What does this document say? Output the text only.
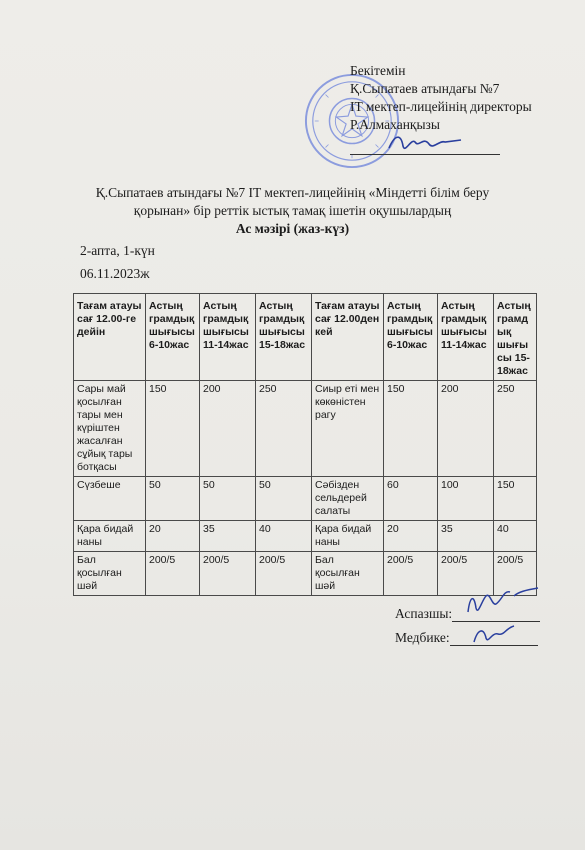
Бекітемін
Қ.Сыпатаев атындағы №7
IT мектеп-лицейінің директоры
Р.Алмаханқызы
Қ.Сыпатаев атындағы №7 IT мектеп-лицейінің «Міндетті білім беру
қорынан» бір реттік ыстық тамақ ішетін оқушылардың
Ас мәзірі (жаз-күз)
2-апта, 1-күн
06.11.2023ж
Тағам атауы сағ 12.00-ге дейін	Астың грамдық шығысы 6-10жас	Астың грамдық шығысы 11-14жас	Астың грамдық шығысы 15-18жас	Тағам атауы сағ 12.00ден кей	Астың грамдық шығысы 6-10жас	Астың грамдық шығысы 11-14жас	Астың грамдық шығысы 15-18жас
Сары май қосылған тары мен күріштен жасалған сұйық тары ботқасы	150	200	250	Сиыр еті мен көкөністен рагу	150	200	250
Сүзбеше	50	50	50	Сәбізден сельдерей салаты	60	100	150
Қара бидай наны	20	35	40	Қара бидай наны	20	35	40
Бал қосылған шәй	200/5	200/5	200/5	Бал қосылған шәй	200/5	200/5	200/5
Аспазшы:
Медбике:
